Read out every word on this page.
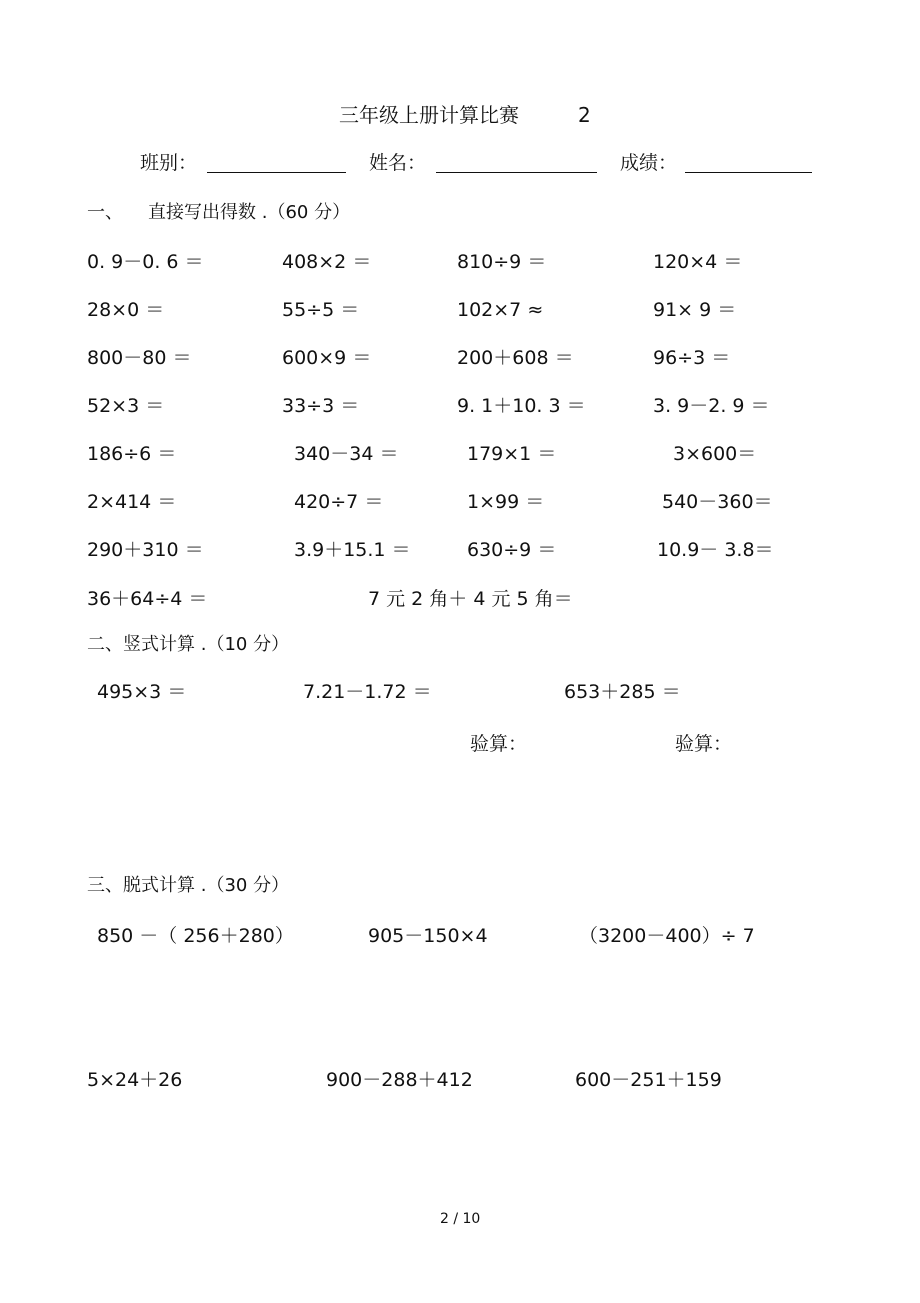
三年级上册计算比赛	2
班别：	姓名：	成绩：
一、 直接写出得数 .（60 分）
0. 9－0. 6 ＝	408×2 ＝	810÷9 ＝	120×4 ＝
28×0 ＝	55÷5 ＝	102×7 ≈	91× 9 ＝
800－80 ＝	600×9 ＝	200＋608 ＝	96÷3 ＝
52×3 ＝	33÷3 ＝	9. 1＋10. 3 ＝	3. 9－2. 9 ＝
186÷6 ＝	340－34 ＝	179×1 ＝	3×600＝
2×414 ＝	420÷7 ＝	1×99 ＝	540－360＝
290＋310 ＝	3.9＋15.1 ＝	630÷9 ＝	10.9－ 3.8＝
36＋64÷4 ＝	7 元 2 角＋ 4 元 5 角＝
二、竖式计算 .（10 分）
495×3 ＝	7.21－1.72 ＝	653＋285 ＝
验算：	验算：
三、脱式计算 .（30 分）
850 －（ 256＋280）	905－150×4	（3200－400）÷ 7
5×24＋26	900－288＋412	600－251＋159
2 / 10
